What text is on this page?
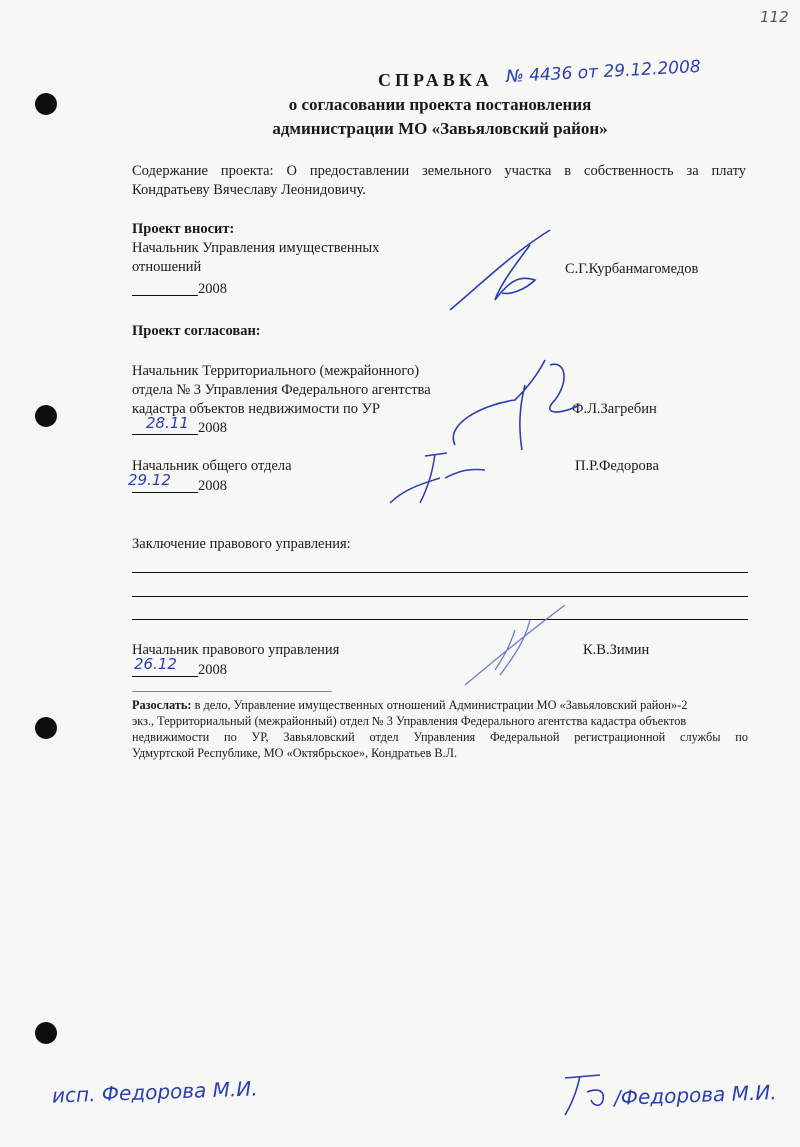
112
СПРАВКА № 4436 от 29.12.2008
о согласовании проекта постановления
администрации МО «Завьяловский район»
Содержание проекта: О предоставлении земельного участка в собственность за плату
Кондратьеву Вячеславу Леонидовичу.
Проект вносит:
Начальник Управления имущественных
отношений
2008
С.Г.Курбанмагомедов
Проект согласован:
Начальник Территориального (межрайонного)
отдела № 3 Управления Федерального агентства
кадастра объектов недвижимости по УР
28.11 2008
Ф.Л.Загребин
Начальник общего отдела
29.12 2008
П.Р.Федорова
Заключение правового управления:
Начальник правового управления
26.12 2008
К.В.Зимин
Разослать: в дело, Управление имущественных отношений Администрации МО «Завьяловский район»-2
экз., Территориальный (межрайонный) отдел № 3 Управления Федерального агентства кадастра объектов
недвижимости по УР, Завьяловский отдел Управления Федеральной регистрационной службы по
Удмуртской Республике, МО «Октябрьское», Кондратьев В.Л.
исп. Федорова М.И.	/Федорова М.И.
